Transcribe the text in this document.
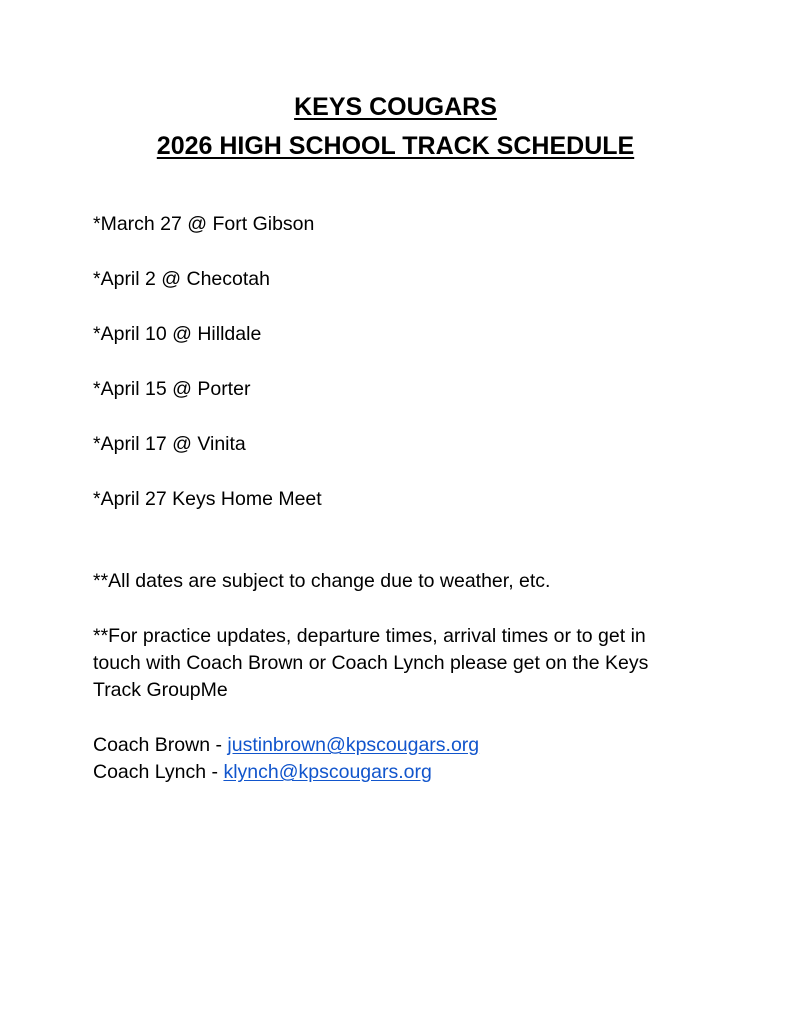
KEYS COUGARS
2026 HIGH SCHOOL TRACK SCHEDULE
*March 27 @ Fort Gibson
*April 2 @ Checotah
*April 10 @ Hilldale
*April 15 @ Porter
*April 17 @ Vinita
*April 27 Keys Home Meet
**All dates are subject to change due to weather, etc.
**For practice updates, departure times, arrival times or to get in
touch with Coach Brown or Coach Lynch please get on the Keys
Track GroupMe
Coach Brown - justinbrown@kpscougars.org
Coach Lynch - klynch@kpscougars.org
